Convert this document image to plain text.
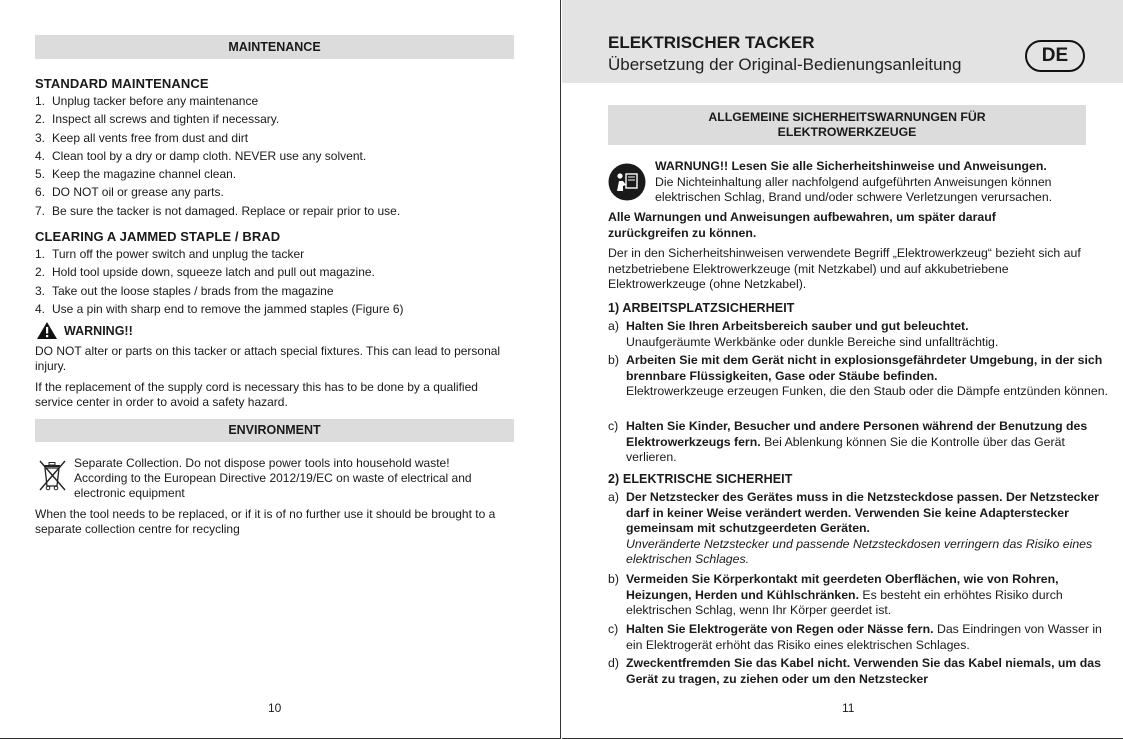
MAINTENANCE
STANDARD MAINTENANCE
1. Unplug tacker before any maintenance
2. Inspect all screws and tighten if necessary.
3. Keep all vents free from dust and dirt
4. Clean tool by a dry or damp cloth. NEVER use any solvent.
5. Keep the magazine channel clean.
6. DO NOT oil or grease any parts.
7. Be sure the tacker is not damaged. Replace or repair prior to use.
CLEARING A JAMMED STAPLE / BRAD
1. Turn off the power switch and unplug the tacker
2. Hold tool upside down, squeeze latch and pull out magazine.
3. Take out the loose staples / brads from the magazine
4. Use a pin with sharp end to remove the jammed staples (Figure 6)
WARNING!!
DO NOT alter or parts on this tacker or attach special fixtures. This can lead to personal injury.
If the replacement of the supply cord is necessary this has to be done by a qualified service center in order to avoid a safety hazard.
ENVIRONMENT
Separate Collection. Do not dispose power tools into household waste! According to the European Directive 2012/19/EC on waste of electrical and electronic equipment
When the tool needs to be replaced, or if it is of no further use it should be brought to a separate collection centre for recycling
10
ELEKTRISCHER TACKER
Übersetzung der Original-Bedienungsanleitung	DE
ALLGEMEINE SICHERHEITSWARNUNGEN FÜR
ELEKTROWERKZEUGE
WARNUNG!! Lesen Sie alle Sicherheitshinweise und Anweisungen.
Die Nichteinhaltung aller nachfolgend aufgeführten Anweisungen können elektrischen Schlag, Brand und/oder schwere Verletzungen verursachen.
Alle Warnungen und Anweisungen aufbewahren, um später darauf zurückgreifen zu können.
Der in den Sicherheitshinweisen verwendete Begriff „Elektrowerkzeug“ bezieht sich auf netzbetriebene Elektrowerkzeuge (mit Netzkabel) und auf akkubetriebene Elektrowerkzeuge (ohne Netzkabel).
1) ARBEITSPLATZSICHERHEIT
a) Halten Sie Ihren Arbeitsbereich sauber und gut beleuchtet.
Unaufgeräumte Werkbänke oder dunkle Bereiche sind unfallträchtig.
b) Arbeiten Sie mit dem Gerät nicht in explosionsgefährdeter Umgebung, in der sich brennbare Flüssigkeiten, Gase oder Stäube befinden.
Elektrowerkzeuge erzeugen Funken, die den Staub oder die Dämpfe entzünden können.
c) Halten Sie Kinder, Besucher und andere Personen während der Benutzung des Elektrowerkzeugs fern. Bei Ablenkung können Sie die Kontrolle über das Gerät verlieren.
2) ELEKTRISCHE SICHERHEIT
a) Der Netzstecker des Gerätes muss in die Netzsteckdose passen. Der Netzstecker darf in keiner Weise verändert werden. Verwenden Sie keine Adapterstecker gemeinsam mit schutzgeerdeten Geräten.
Unveränderte Netzstecker und passende Netzsteckdosen verringern das Risiko eines elektrischen Schlages.
b) Vermeiden Sie Körperkontakt mit geerdeten Oberflächen, wie von Rohren, Heizungen, Herden und Kühlschränken. Es besteht ein erhöhtes Risiko durch elektrischen Schlag, wenn Ihr Körper geerdet ist.
c) Halten Sie Elektrogeräte von Regen oder Nässe fern. Das Eindringen von Wasser in ein Elektrogerät erhöht das Risiko eines elektrischen Schlages.
d) Zweckentfremden Sie das Kabel nicht. Verwenden Sie das Kabel niemals, um das Gerät zu tragen, zu ziehen oder um den Netzstecker
11
